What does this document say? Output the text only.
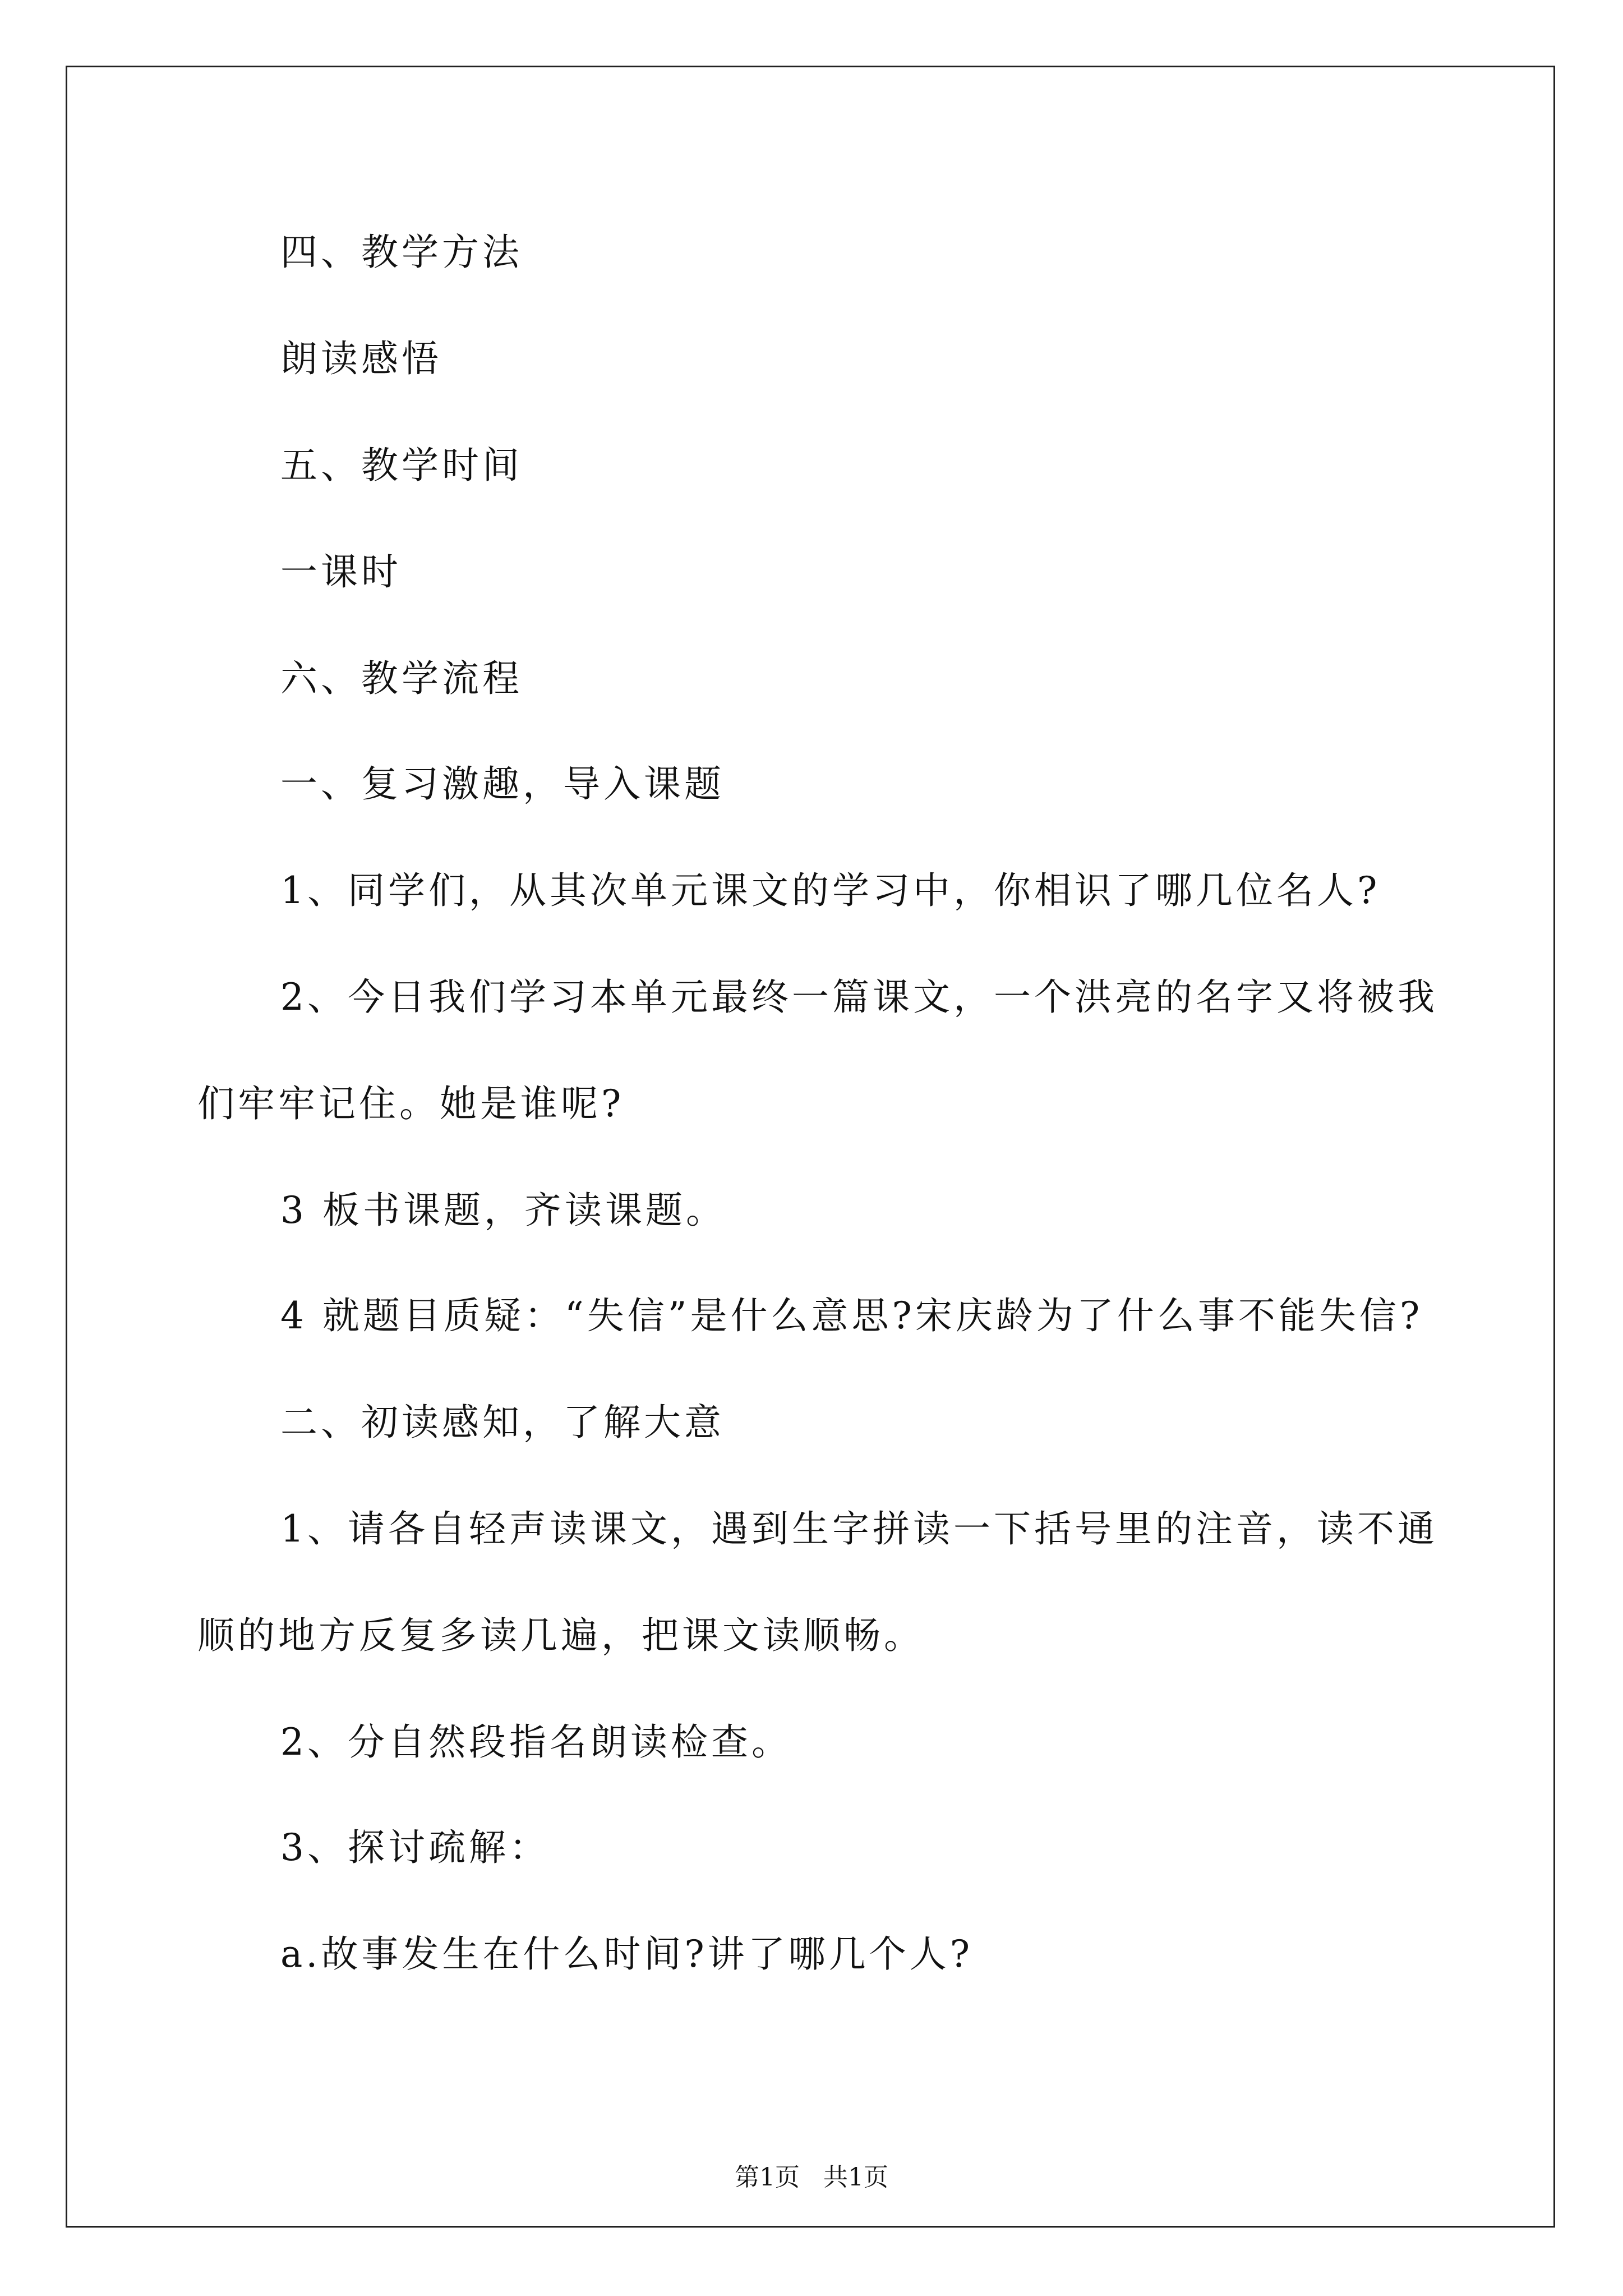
四、教学方法

朗读感悟

五、教学时间

一课时

六、教学流程

一、复习激趣，导入课题

1、同学们，从其次单元课文的学习中，你相识了哪几位名人?

2、今日我们学习本单元最终一篇课文，一个洪亮的名字又将被我

们牢牢记住。她是谁呢?

3 板书课题，齐读课题。

4 就题目质疑：“失信”是什么意思?宋庆龄为了什么事不能失信?

二、初读感知，了解大意

1、请各自轻声读课文，遇到生字拼读一下括号里的注音，读不通

顺的地方反复多读几遍，把课文读顺畅。

2、分自然段指名朗读检查。

3、探讨疏解：

a.故事发生在什么时间?讲了哪几个人?

第1页   共1页
